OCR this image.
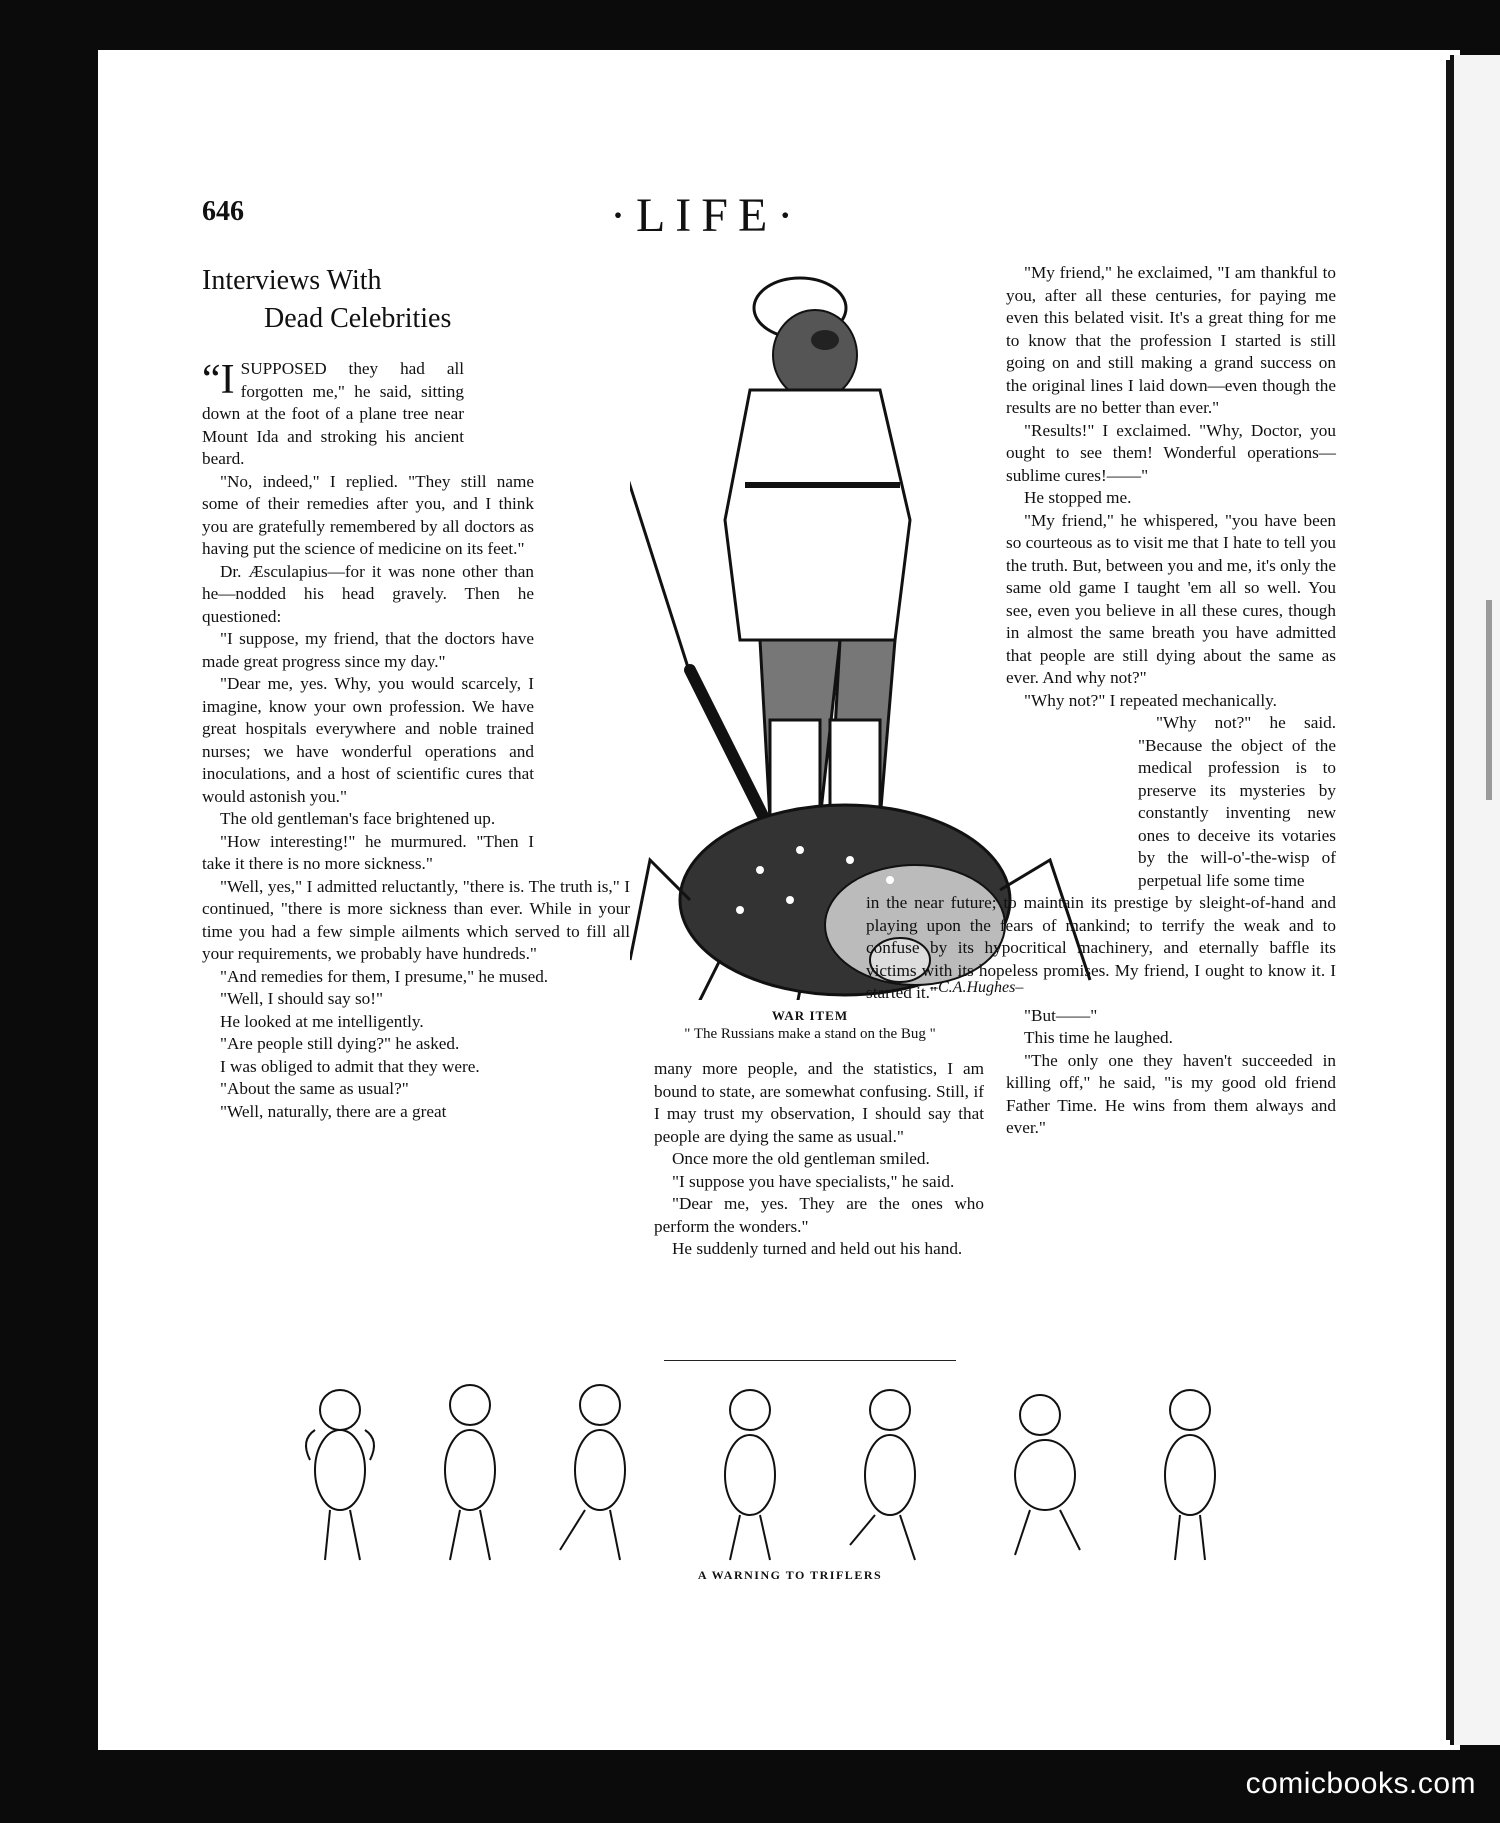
646	·LIFE·
Interviews With
Dead Celebrities
“I SUPPOSED they had all forgotten me," he said, sitting down at the foot of a plane tree near Mount Ida and stroking his ancient beard.

"No, indeed," I replied. "They still name some of their remedies after you, and I think you are gratefully remembered by all doctors as having put the science of medicine on its feet."

Dr. Æsculapius—for it was none other than he—nodded his head gravely. Then he questioned:

"I suppose, my friend, that the doctors have made great progress since my day."

"Dear me, yes. Why, you would scarcely, I imagine, know your own profession. We have great hospitals everywhere and noble trained nurses; we have wonderful operations and inoculations, and a host of scientific cures that would astonish you."

The old gentleman's face brightened up.

"How interesting!" he murmured. "Then I take it there is no more sickness."

"Well, yes," I admitted reluctantly, "there is. The truth is," I continued, "there is more sickness than ever. While in your time you had a few simple ailments which served to fill all your requirements, we probably have hundreds."

"And remedies for them, I presume," he mused.

"Well, I should say so!"

He looked at me intelligently.

"Are people still dying?" he asked.

I was obliged to admit that they were.

"About the same as usual?"

"Well, naturally, there are a great

–C.A.Hughes–
WAR ITEM
" The Russians make a stand on the Bug "

many more people, and the statistics, I am bound to state, are somewhat confusing. Still, if I may trust my observation, I should say that people are dying the same as usual."

Once more the old gentleman smiled.

"I suppose you have specialists," he said.

"Dear me, yes. They are the ones who perform the wonders."

He suddenly turned and held out his hand.

"My friend," he exclaimed, "I am thankful to you, after all these centuries, for paying me even this belated visit. It's a great thing for me to know that the profession I started is still going on and still making a grand success on the original lines I laid down—even though the results are no better than ever."

"Results!" I exclaimed. "Why, Doctor, you ought to see them! Wonderful operations—sublime cures!——"

He stopped me.

"My friend," he whispered, "you have been so courteous as to visit me that I hate to tell you the truth. But, between you and me, it's only the same old game I taught 'em all so well. You see, even you believe in all these cures, though in almost the same breath you have admitted that people are still dying about the same as ever. And why not?"

"Why not?" I repeated mechanically.

"Why not?" he said. "Because the object of the medical profession is to preserve its mysteries by constantly inventing new ones to deceive its votaries by the will-o'-the-wisp of perpetual life some time

in the near future; to maintain its prestige by sleight-of-hand and playing upon the fears of mankind; to terrify the weak and to confuse by its hypocritical machinery, and eternally baffle its victims with its hopeless promises. My friend, I ought to know it. I started it."

"But——"

This time he laughed.

"The only one they haven't succeeded in killing off," he said, "is my good old friend Father Time. He wins from them always and ever."

A WARNING TO TRIFLERS
comicbooks.com
